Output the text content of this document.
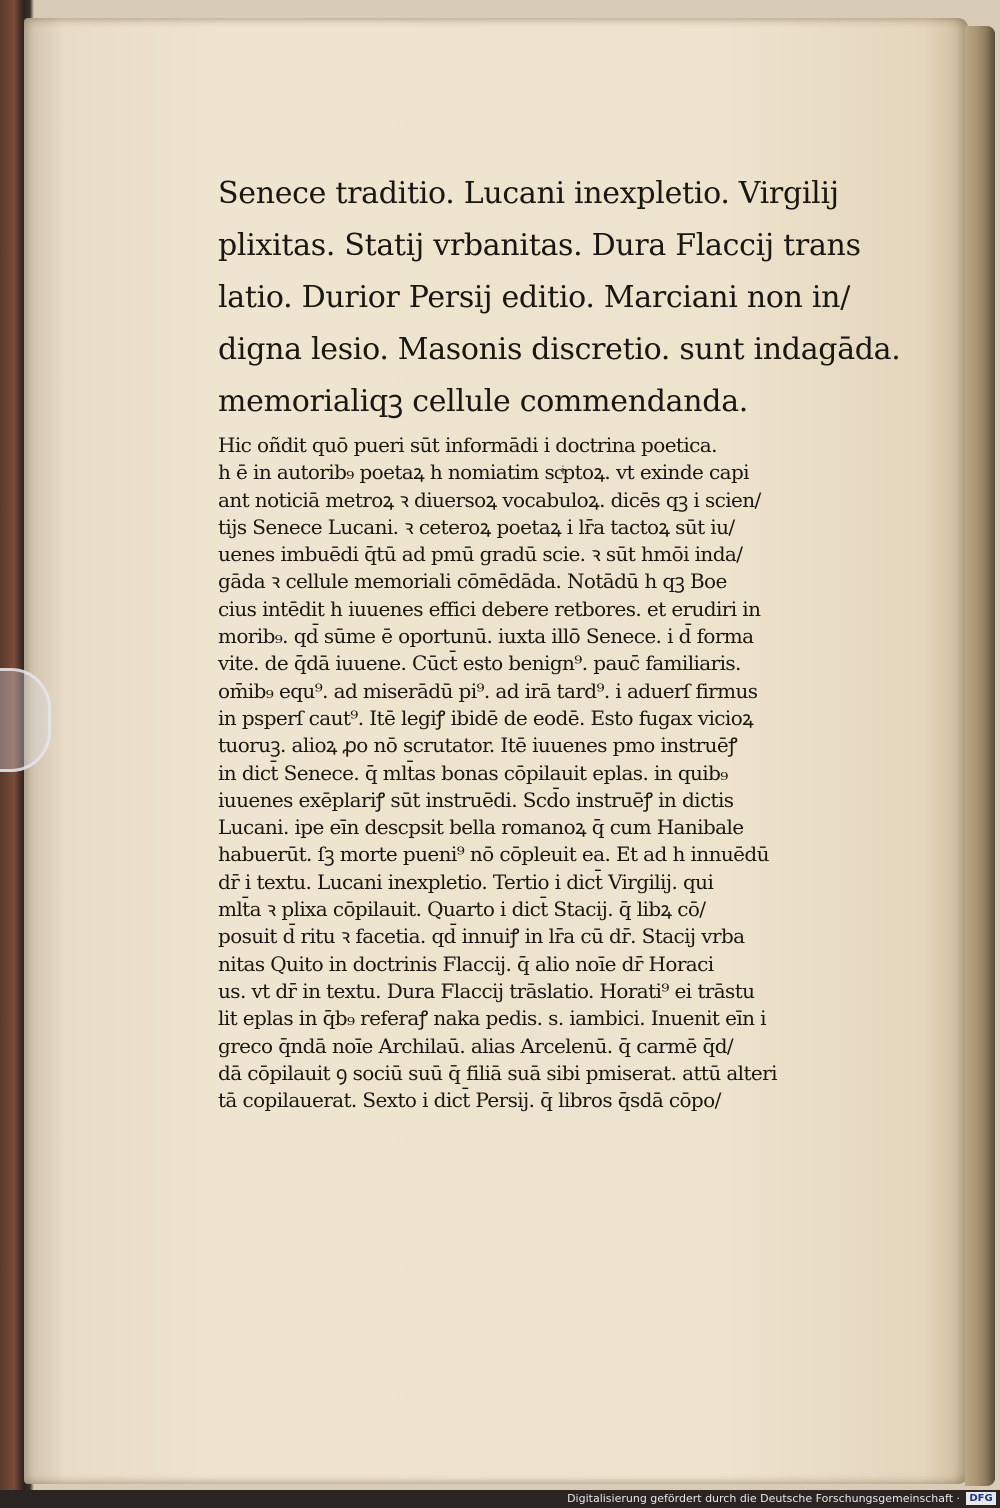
Senece traditio. Lucani inexpletio. Virgilij

plixitas. Statij vrbanitas. Dura Flaccij trans

latio. Durior Persij editio. Marciani non in/

digna lesio. Masonis discretio. sunt indagāda.

memorialiqꝫ cellule commendanda.

Hic oñdit quō pueri sūt informādi i doctrina poetica.

h ē in autorib₉ poetaꝝ h nomiatim scͥptoꝝ. vt exinde capi

ant noticiā metroꝝ ꝛ diuersoꝝ vocabuloꝝ. dicēs qꝫ i scien/

tijs Senece Lucani. ꝛ ceteroꝝ poetaꝝ i lr̄a tactoꝝ sūt iu/

uenes imbuēdi q̄tū ad pmū gradū scie. ꝛ sūt hmōi inda/

gāda ꝛ cellule memoriali cōmēdāda. Notādū h qꝫ Boe

cius intēdit h iuuenes effici debere retbores. et erudiri in

morib₉. qd̄ sūme ē oportunū. iuxta illō Senece. i d̄ forma

vite. de q̄dā iuuene. Cūct̄ esto benign⁹. pauc̄ familiaris.

om̄ib₉ equ⁹. ad miserādū pi⁹. ad irā tard⁹. i aduerſ firmus

in psperſ caut⁹. Itē legiꝭ ibidē de eodē. Esto fugax vicioꝝ

tuoruꝫ. alioꝝ ꝓo nō scrutator. Itē iuuenes pmo instruēꝭ

in dict̄ Senece. q̄ mlt̄as bonas cōpilauit eplas. in quib₉

iuuenes exēplariꝭ sūt instruēdi. Scd̄o instruēꝭ in dictis

Lucani. ipe eīn descpsit bella romanoꝝ q̄ cum Hanibale

habuerūt. ſꝫ morte pueni⁹ nō cōpleuit ea. Et ad h innuēdū

dr̄ i textu. Lucani inexpletio. Tertio i dict̄ Virgilij. qui

mlt̄a ꝛ plixa cōpilauit. Quarto i dict̄ Stacij. q̄ libꝝ cō/

posuit d̄ ritu ꝛ facetia. qd̄ innuiꝭ in lr̄a cū dr̄. Stacij vrba

nitas Quito in doctrinis Flaccij. q̄ alio noīe dr̄ Horaci

us. vt dr̄ in textu. Dura Flaccij trāslatio. Horati⁹ ei trāstu

lit eplas in q̄b₉ referaꝭ naka pedis. s. iambici. Inuenit eīn i

greco q̄ndā noīe Archilaū. alias Arcelenū. q̄ carmē q̄d/

dā cōpilauit ꝯ sociū suū q̄ filiā suā sibi pmiserat. attū alteri

tā copilauerat. Sexto i dict̄ Persij. q̄ libros q̄sdā cōpo/

Digitalisierung gefördert durch die Deutsche Forschungsgemeinschaft · DFG
